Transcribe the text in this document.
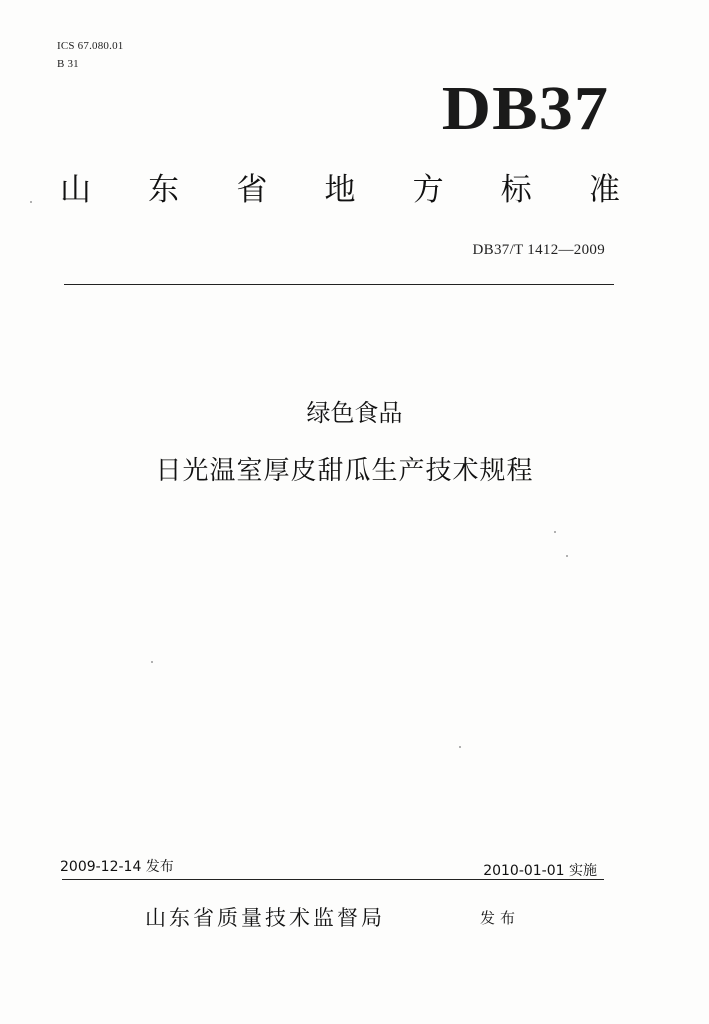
ICS 67.080.01
B 31
DB37
山 东 省 地 方 标 准
DB37/T 1412—2009
绿色食品
日光温室厚皮甜瓜生产技术规程
2009-12-14 发布	2010-01-01 实施
山东省质量技术监督局	发布
